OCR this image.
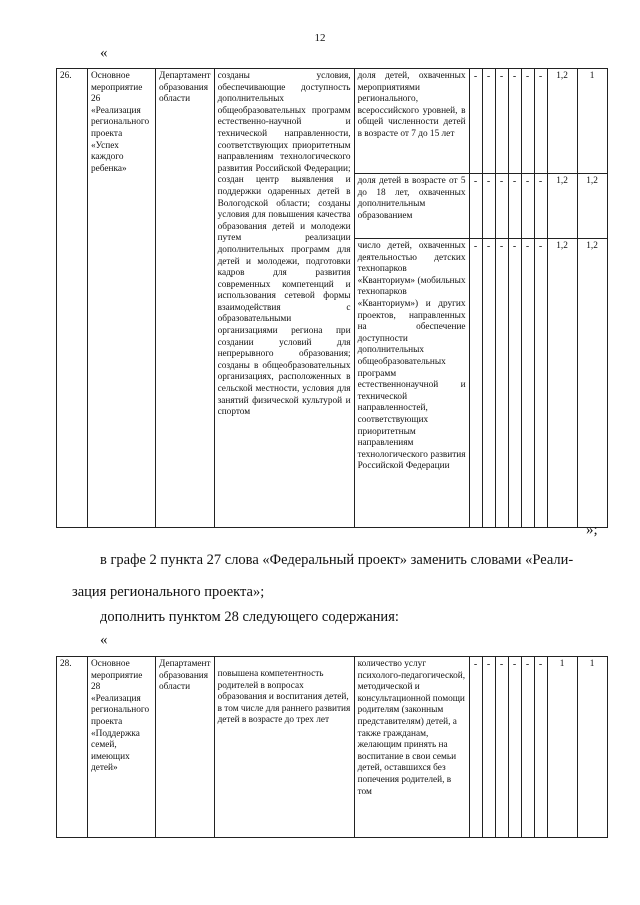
12
«
26.	Основное мероприятие 26 «Реализация регионального проекта «Успех каждого ребенка»	Департамент образования области	созданы условия, обеспечивающие доступность дополнительных общеобразовательных программ естественно-научной и технической направленности, соответствующих приоритетным направлениям технологического развития Российской Федерации; создан центр выявления и поддержки одаренных детей в Вологодской области; созданы условия для повышения качества образования детей и молодежи путем реализации дополнительных программ для детей и молодежи, подготовки кадров для развития современных компетенций и использования сетевой формы взаимодействия с образовательными организациями региона при создании условий для непрерывного образования; созданы в общеобразовательных организациях, расположенных в сельской местности, условия для занятий физической культурой и спортом	доля детей, охваченных мероприятиями регионального, всероссийского уровней, в общей численности детей в возрасте от 7 до 15 лет	-	-	-	-	-	-	1,2	1
				доля детей в возрасте от 5 до 18 лет, охваченных дополнительным образованием	-	-	-	-	-	-	1,2	1,2
				число детей, охваченных деятельностью детских технопарков «Кванториум» (мобильных технопарков «Кванториум») и других проектов, направленных на обеспечение доступности дополнительных общеобразовательных программ естественнонаучной и технической направленностей, соответствующих приоритетным направлениям технологического развития Российской Федерации	-	-	-	-	-	-	1,2	1,2
»;
в графе 2 пункта 27 слова «Федеральный проект» заменить словами «Реали-
зация регионального проекта»;
дополнить пунктом 28 следующего содержания:
«
28.	Основное мероприятие 28 «Реализация регионального проекта «Поддержка семей, имеющих детей»	Департамент образования области	повышена компетентность родителей в вопросах образования и воспитания детей, в том числе для раннего развития детей в возрасте до трех лет	количество услуг психолого-педагогической, методической и консультационной помощи родителям (законным представителям) детей, а также гражданам, желающим принять на воспитание в свои семьи детей, оставшихся без попечения родителей, в том	-	-	-	-	-	-	1	1
